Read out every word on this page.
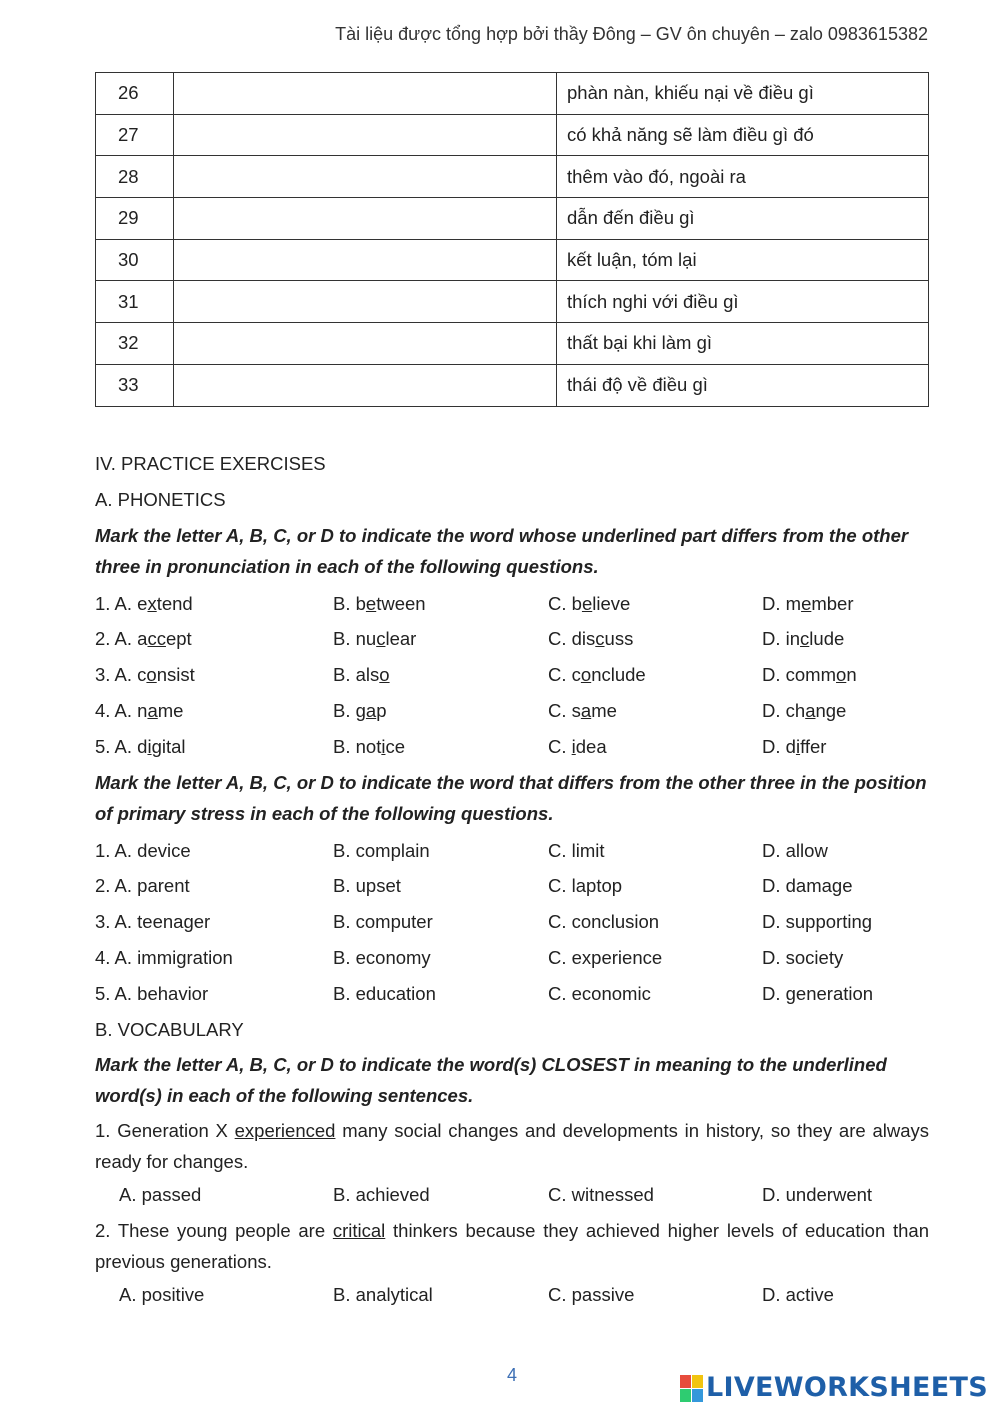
Tài liệu được tổng hợp bởi thầy Đông – GV ôn chuyên – zalo 0983615382
26		phàn nàn, khiếu nại về điều gì
27		có khả năng sẽ làm điều gì đó
28		thêm vào đó, ngoài ra
29		dẫn đến điều gì
30		kết luận, tóm lại
31		thích nghi với điều gì
32		thất bại khi làm gì
33		thái độ về điều gì
IV. PRACTICE EXERCISES
A. PHONETICS
Mark the letter A, B, C, or D to indicate the word whose underlined part differs from the other three in pronunciation in each of the following questions.
1. A. extend	B. between	C. believe	D. member
2. A. accept	B. nuclear	C. discuss	D. include
3. A. consist	B. also	C. conclude	D. common
4. A. name	B. gap	C. same	D. change
5. A. digital	B. notice	C. idea	D. differ
Mark the letter A, B, C, or D to indicate the word that differs from the other three in the position of primary stress in each of the following questions.
1. A. device	B. complain	C. limit	D. allow
2. A. parent	B. upset	C. laptop	D. damage
3. A. teenager	B. computer	C. conclusion	D. supporting
4. A. immigration	B. economy	C. experience	D. society
5. A. behavior	B. education	C. economic	D. generation
B. VOCABULARY
Mark the letter A, B, C, or D to indicate the word(s) CLOSEST in meaning to the underlined word(s) in each of the following sentences.
1. Generation X experienced many social changes and developments in history, so they are always ready for changes.
A. passed	B. achieved	C. witnessed	D. underwent
2. These young people are critical thinkers because they achieved higher levels of education than previous generations.
A. positive	B. analytical	C. passive	D. active
4	LIVEWORKSHEETS
